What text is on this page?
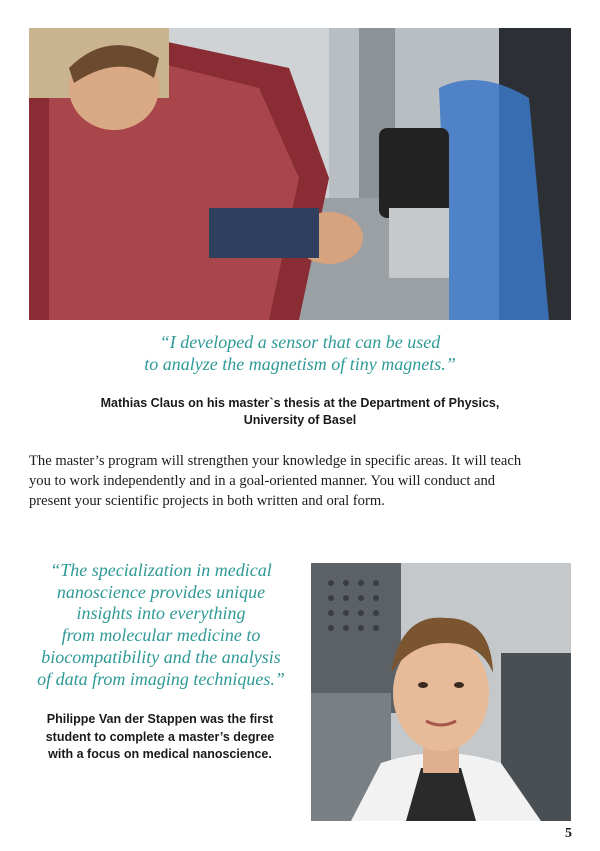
“I developed a sensor that can be used
to analyze the magnetism of tiny magnets.”
Mathias Claus on his master`s thesis at the Department of Physics,
University of Basel
The master’s program will strengthen your knowledge in specific areas. It will teach
you to work independently and in a goal-oriented manner. You will conduct and
present your scientific projects in both written and oral form.
“The specialization in medical
nanoscience provides unique
insights into everything
from molecular medicine to
biocompatibility and the analysis
of data from imaging techniques.”
Philippe Van der Stappen was the first
student to complete a master’s degree
with a focus on medical nanoscience.
5
